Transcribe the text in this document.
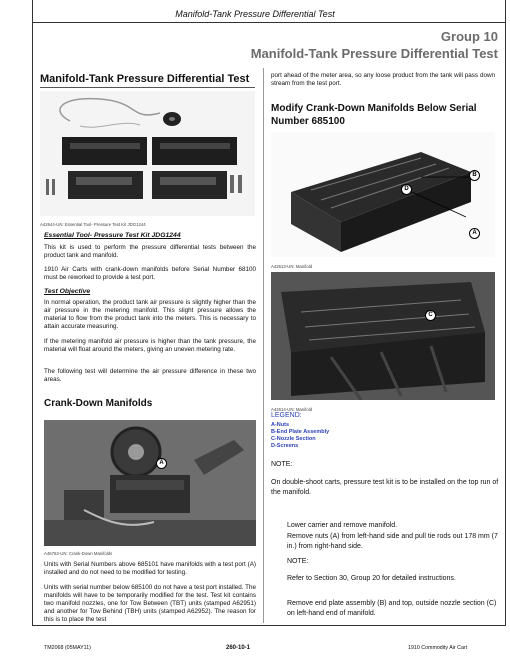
Manifold-Tank Pressure Differential Test
Group 10
Manifold-Tank Pressure Differential Test
Manifold-Tank Pressure Differential Test
A42644-UN: Essential Tool- Pressure Test Kit JDG1244
Essential Tool- Pressure Test Kit JDG1244
This kit is used to perform the pressure differential tests between the product tank and manifold.
1910 Air Carts with crank-down manifolds before Serial Number 68100 must be reworked to provide a test port.
Test Objective
In normal operation, the product tank air pressure is slightly higher than the air pressure in the metering manifold. This slight pressure allows the material to flow from the product tank into the meters. This is necessary to attain accurate measuring.
If the metering manifold air pressure is higher than the tank pressure, the material will float around the meters, giving an uneven metering rate.
The following test will determine the air pressure difference in these two areas.
Crank-Down Manifolds
A
A46763-UN: Crank-Down Manifolds
Units with Serial Numbers above 685101 have manifolds with a test port (A) installed and do not need to be modified for testing.
Units with serial number below 685100 do not have a test port installed. The manifolds will have to be temporarily modified for the test. Test kit contains two manifold nozzles, one for Tow Between (TBT) units (stamped A62951) and another for Tow Behind (TBH) units (stamped A62952). The reason for this is to place the test
port ahead of the meter area, so any loose product from the tank will pass down stream from the test port.
Modify Crank-Down Manifolds Below Serial Number 685100
B
D
A
A42613-UN: Manifold
C
A42614-UN: Manifold
LEGEND:
A-Nuts
B-End Plate Assembly
C-Nozzle Section
D-Screens
NOTE:
On double-shoot carts, pressure test kit is to be installed on the top run of the manifold.
Lower carrier and remove manifold.
Remove nuts (A) from left-hand side and pull tie rods out 178 mm (7 in.) from right-hand side.
NOTE:
Refer to Section 30, Group 20 for detailed instructions.
Remove end plate assembly (B) and top, outside nozzle section (C) on left-hand end of manifold.
TM2068 (05MAY11)	260-10-1	1910 Commodity Air Cart
